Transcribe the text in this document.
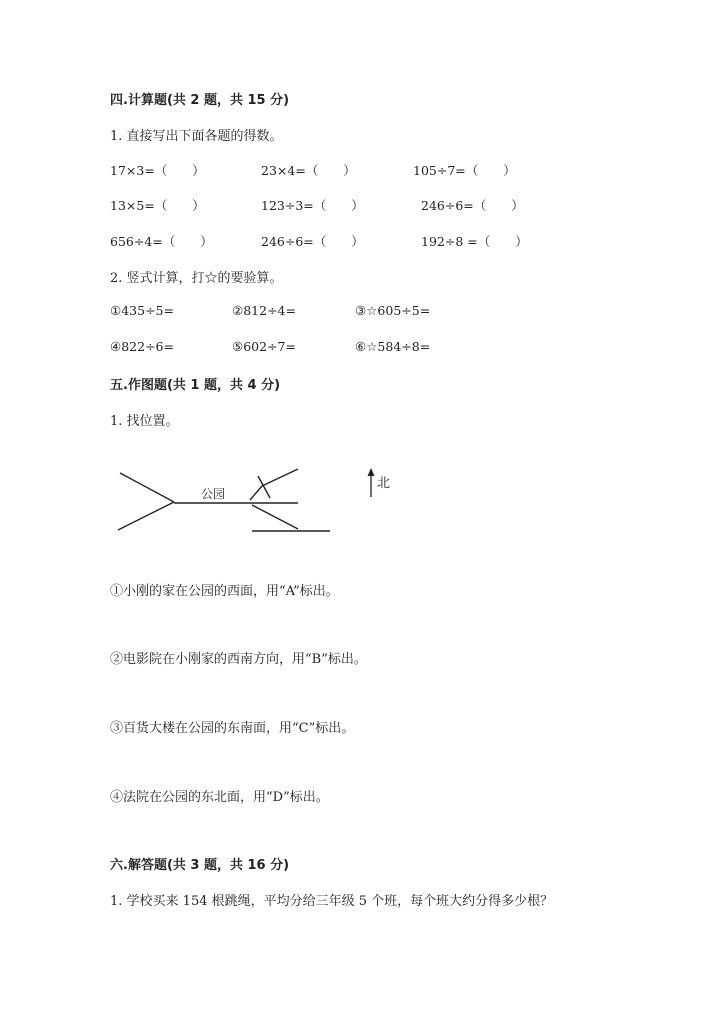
四.计算题(共 2 题，共 15 分)
1. 直接写出下面各题的得数。
17×3=（　　）	23×4=（　　）	105÷7=（　　）
13×5=（　　）	123÷3=（　　）	246÷6=（　　）
656÷4=（　　）	246÷6=（　　）	192÷8 =（　　）
2. 竖式计算，打☆的要验算。
①435÷5=	②812÷4=	③☆605÷5=
④822÷6=	⑤602÷7=	⑥☆584÷8=
五.作图题(共 1 题，共 4 分)
1. 找位置。
公园
北
①小刚的家在公园的西面，用“A”标出。
②电影院在小刚家的西南方向，用“B”标出。
③百货大楼在公园的东南面，用“C”标出。
④法院在公园的东北面，用“D”标出。
六.解答题(共 3 题，共 16 分)
1. 学校买来 154 根跳绳，平均分给三年级 5 个班，每个班大约分得多少根？
